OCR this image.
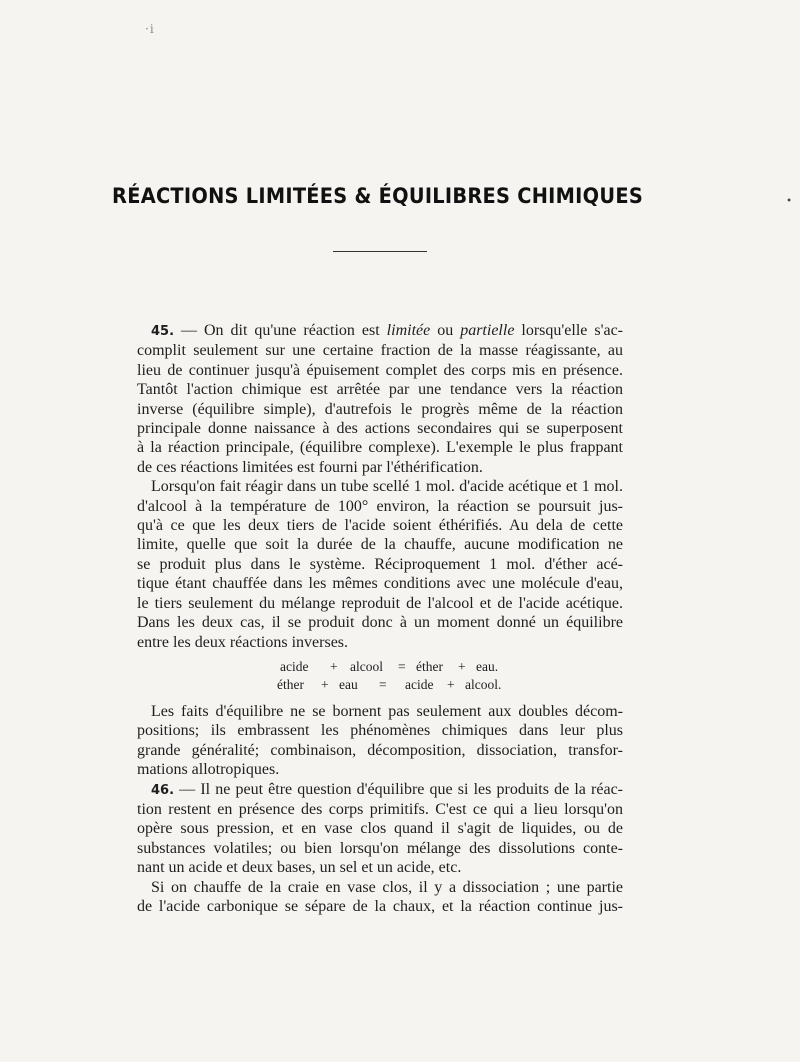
·i
•
RÉACTIONS LIMITÉES & ÉQUILIBRES CHIMIQUES
45. — On dit qu'une réaction est limitée ou partielle lorsqu'elle s'ac-
complit seulement sur une certaine fraction de la masse réagissante, au
lieu de continuer jusqu'à épuisement complet des corps mis en présence.
Tantôt l'action chimique est arrêtée par une tendance vers la réaction
inverse (équilibre simple), d'autrefois le progrès même de la réaction
principale donne naissance à des actions secondaires qui se superposent
à la réaction principale, (équilibre complexe). L'exemple le plus frappant
de ces réactions limitées est fourni par l'éthérification.
Lorsqu'on fait réagir dans un tube scellé 1 mol. d'acide acétique et 1 mol.
d'alcool à la température de 100° environ, la réaction se poursuit jus-
qu'à ce que les deux tiers de l'acide soient éthérifiés. Au dela de cette
limite, quelle que soit la durée de la chauffe, aucune modification ne
se produit plus dans le système. Réciproquement 1 mol. d'éther acé-
tique étant chauffée dans les mêmes conditions avec une molécule d'eau,
le tiers seulement du mélange reproduit de l'alcool et de l'acide acétique.
Dans les deux cas, il se produit donc à un moment donné un équilibre
entre les deux réactions inverses.
acide	+ alcool	= éther	+ eau.
éther	+ eau	=	acide	+ alcool.
Les faits d'équilibre ne se bornent pas seulement aux doubles décom-
positions; ils embrassent les phénomènes chimiques dans leur plus
grande généralité; combinaison, décomposition, dissociation, transfor-
mations allotropiques.
46. — Il ne peut être question d'équilibre que si les produits de la réac-
tion restent en présence des corps primitifs. C'est ce qui a lieu lorsqu'on
opère sous pression, et en vase clos quand il s'agit de liquides, ou de
substances volatiles; ou bien lorsqu'on mélange des dissolutions conte-
nant un acide et deux bases, un sel et un acide, etc.
Si on chauffe de la craie en vase clos, il y a dissociation ; une partie
de l'acide carbonique se sépare de la chaux, et la réaction continue jus-
